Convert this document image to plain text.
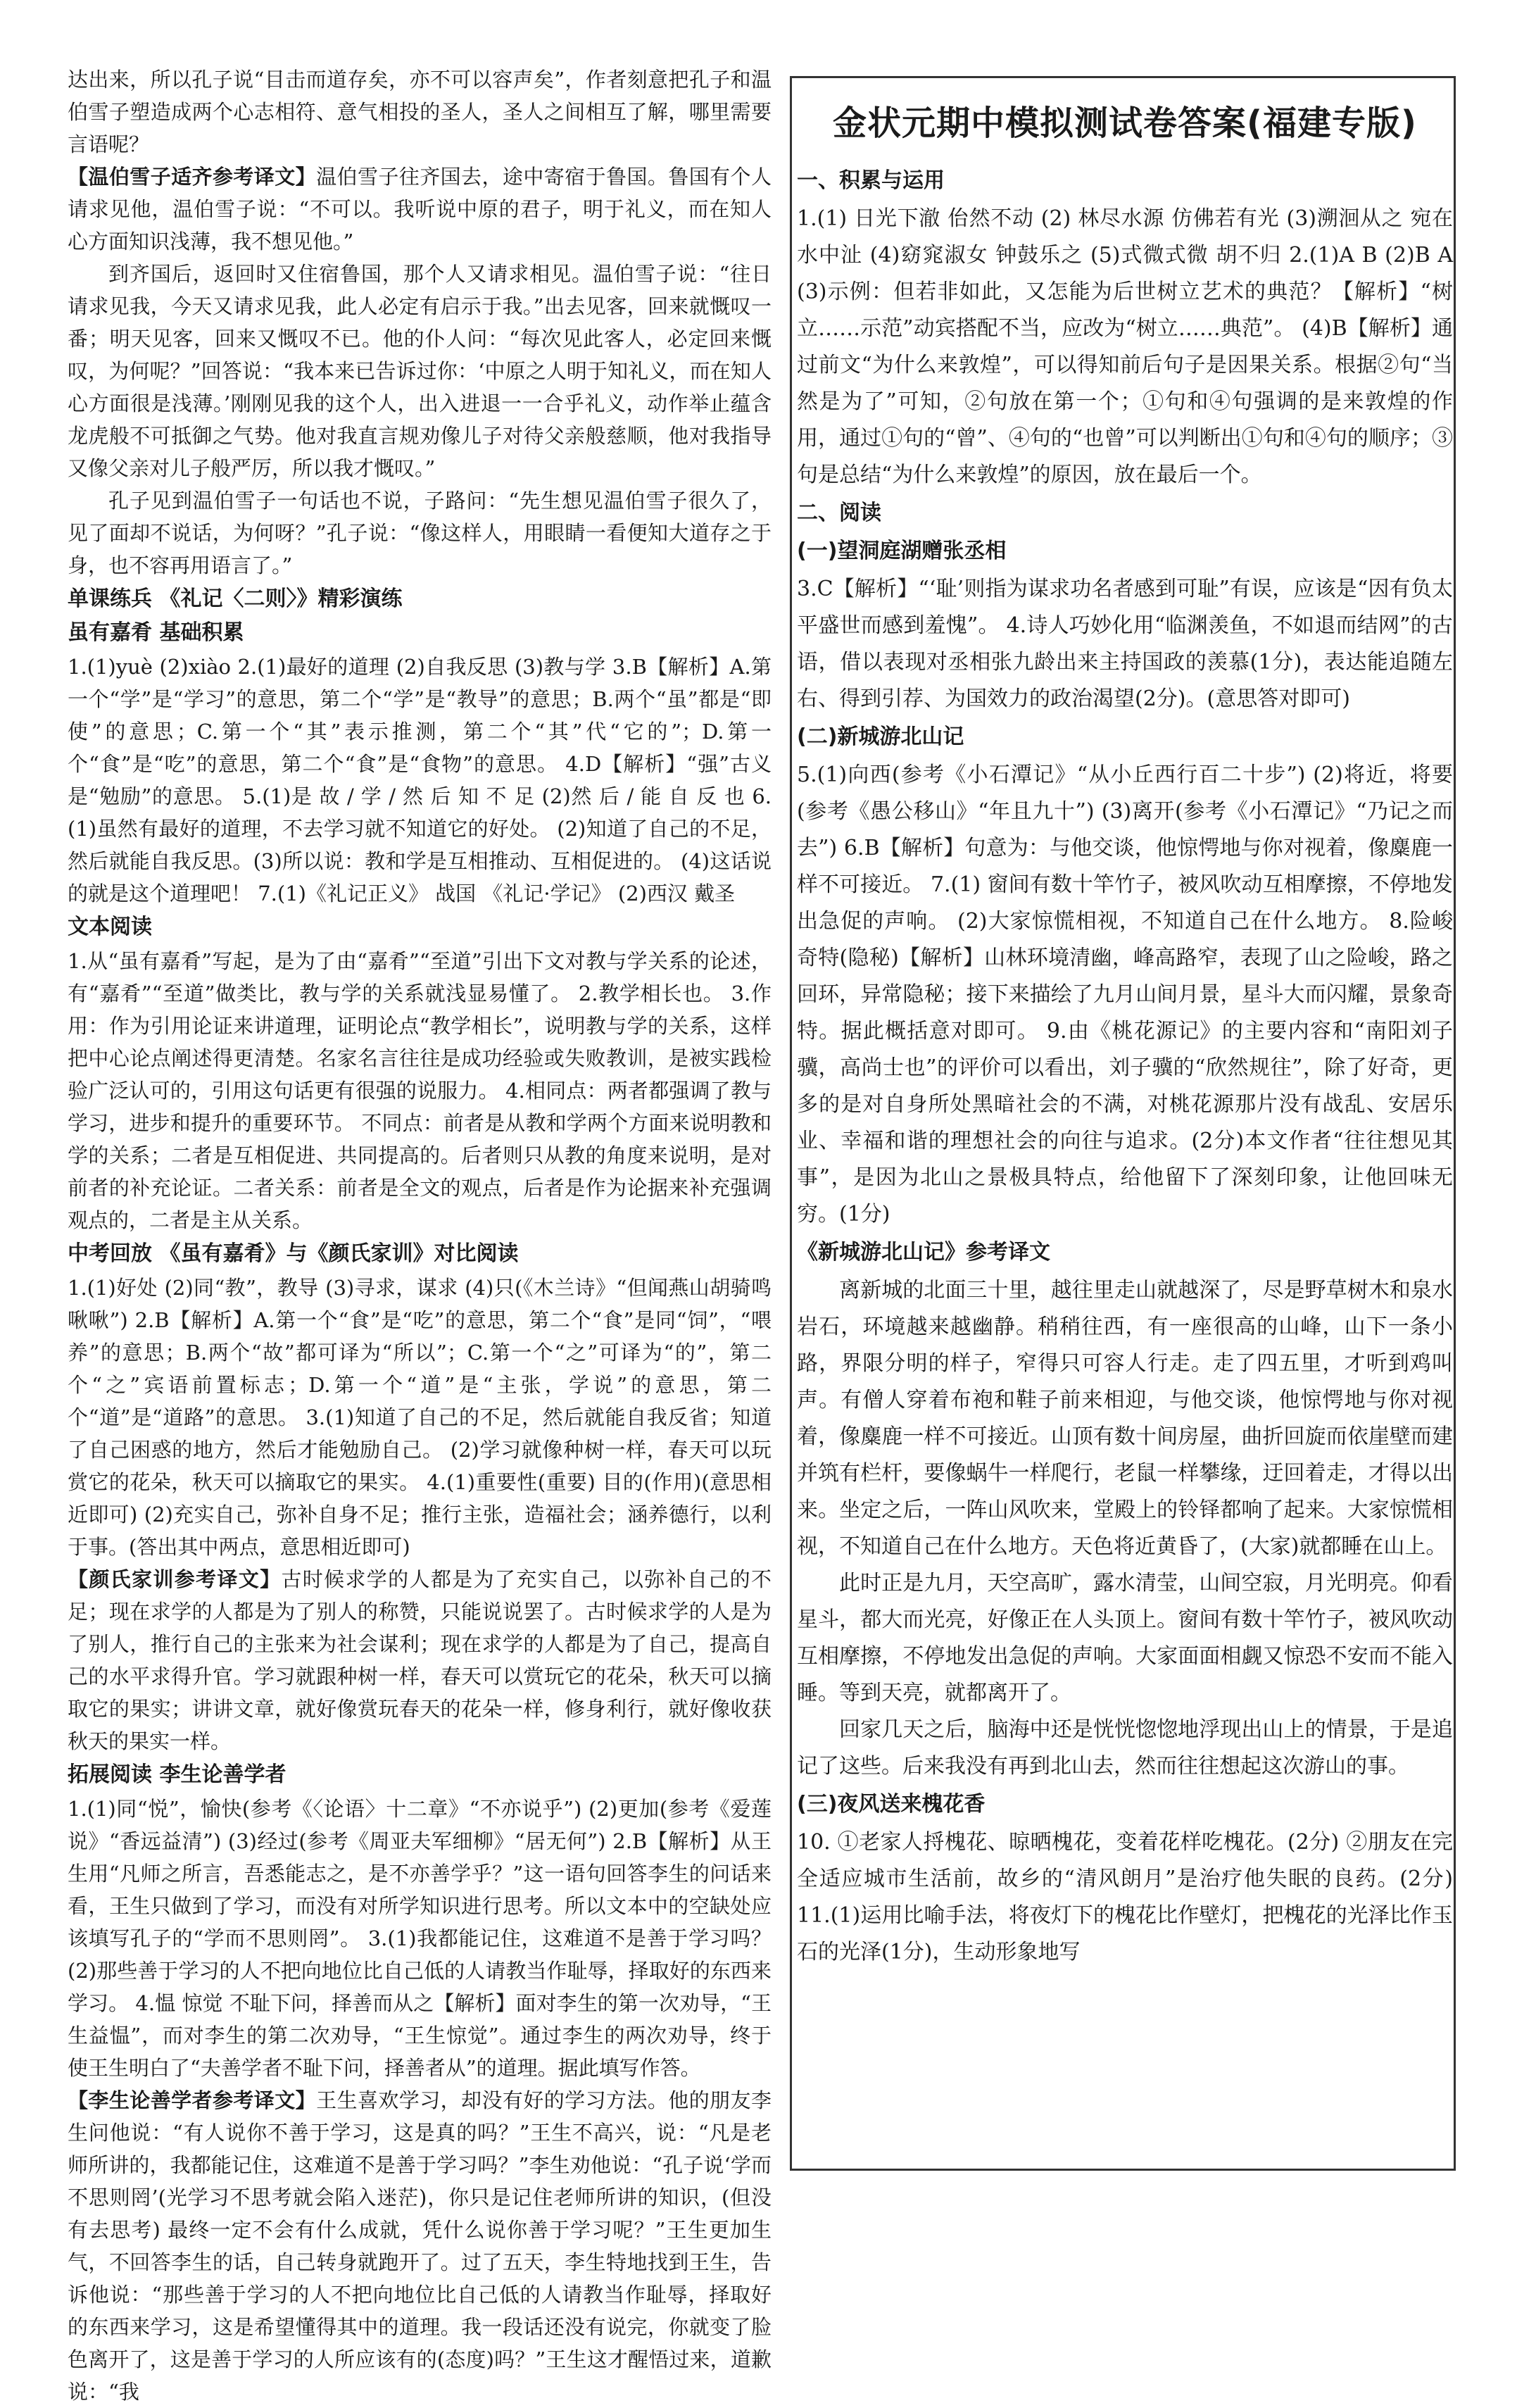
达出来，所以孔子说“目击而道存矣，亦不可以容声矣”，作者刻意把孔子和温伯雪子塑造成两个心志相符、意气相投的圣人，圣人之间相互了解，哪里需要言语呢？

【温伯雪子适齐参考译文】温伯雪子往齐国去，途中寄宿于鲁国。鲁国有个人请求见他，温伯雪子说：“不可以。我听说中原的君子，明于礼义，而在知人心方面知识浅薄，我不想见他。”

到齐国后，返回时又住宿鲁国，那个人又请求相见。温伯雪子说：“往日请求见我，今天又请求见我，此人必定有启示于我。”出去见客，回来就慨叹一番；明天见客，回来又慨叹不已。他的仆人问：“每次见此客人，必定回来慨叹，为何呢？”回答说：“我本来已告诉过你：‘中原之人明于知礼义，而在知人心方面很是浅薄。’刚刚见我的这个人，出入进退一一合乎礼义，动作举止蕴含龙虎般不可抵御之气势。他对我直言规劝像儿子对待父亲般慈顺，他对我指导又像父亲对儿子般严厉，所以我才慨叹。”

孔子见到温伯雪子一句话也不说，子路问：“先生想见温伯雪子很久了，见了面却不说话，为何呀？”孔子说：“像这样人，用眼睛一看便知大道存之于身，也不容再用语言了。”

单课练兵 《礼记〈二则〉》精彩演练
虽有嘉肴 基础积累

1.(1)yuè (2)xiào 2.(1)最好的道理 (2)自我反思 (3)教与学 3.B【解析】A.第一个“学”是“学习”的意思，第二个“学”是“教导”的意思；B.两个“虽”都是“即使”的意思；C.第一个“其”表示推测，第二个“其”代“它的”；D.第一个“食”是“吃”的意思，第二个“食”是“食物”的意思。 4.D【解析】“强”古义是“勉励”的意思。 5.(1)是 故 / 学 / 然 后 知 不 足 (2)然 后 / 能 自 反 也 6.(1)虽然有最好的道理，不去学习就不知道它的好处。 (2)知道了自己的不足，然后就能自我反思。(3)所以说：教和学是互相推动、互相促进的。 (4)这话说的就是这个道理吧！ 7.(1)《礼记正义》 战国 《礼记·学记》 (2)西汉 戴圣

文本阅读

1.从“虽有嘉肴”写起，是为了由“嘉肴”“至道”引出下文对教与学关系的论述，有“嘉肴”“至道”做类比，教与学的关系就浅显易懂了。 2.教学相长也。 3.作用：作为引用论证来讲道理，证明论点“教学相长”，说明教与学的关系，这样把中心论点阐述得更清楚。名家名言往往是成功经验或失败教训，是被实践检验广泛认可的，引用这句话更有很强的说服力。 4.相同点：两者都强调了教与学习，进步和提升的重要环节。 不同点：前者是从教和学两个方面来说明教和学的关系；二者是互相促进、共同提高的。后者则只从教的角度来说明，是对前者的补充论证。二者关系：前者是全文的观点，后者是作为论据来补充强调观点的，二者是主从关系。

中考回放 《虽有嘉肴》与《颜氏家训》对比阅读

1.(1)好处 (2)同“教”，教导 (3)寻求，谋求 (4)只(《木兰诗》“但闻燕山胡骑鸣啾啾”) 2.B【解析】A.第一个“食”是“吃”的意思，第二个“食”是同“饲”，“喂养”的意思；B.两个“故”都可译为“所以”；C.第一个“之”可译为“的”，第二个“之”宾语前置标志；D.第一个“道”是“主张，学说”的意思，第二个“道”是“道路”的意思。 3.(1)知道了自己的不足，然后就能自我反省；知道了自己困惑的地方，然后才能勉励自己。 (2)学习就像种树一样，春天可以玩赏它的花朵，秋天可以摘取它的果实。 4.(1)重要性(重要) 目的(作用)(意思相近即可) (2)充实自己，弥补自身不足；推行主张，造福社会；涵养德行，以利于事。(答出其中两点，意思相近即可)

【颜氏家训参考译文】古时候求学的人都是为了充实自己，以弥补自己的不足；现在求学的人都是为了别人的称赞，只能说说罢了。古时候求学的人是为了别人，推行自己的主张来为社会谋利；现在求学的人都是为了自己，提高自己的水平求得升官。学习就跟种树一样，春天可以赏玩它的花朵，秋天可以摘取它的果实；讲讲文章，就好像赏玩春天的花朵一样，修身利行，就好像收获秋天的果实一样。

拓展阅读 李生论善学者

1.(1)同“悦”，愉快(参考《〈论语〉十二章》“不亦说乎”) (2)更加(参考《爱莲说》“香远益清”) (3)经过(参考《周亚夫军细柳》“居无何”) 2.B【解析】从王生用“凡师之所言，吾悉能志之，是不亦善学乎？”这一语句回答李生的问话来看，王生只做到了学习，而没有对所学知识进行思考。所以文本中的空缺处应该填写孔子的“学而不思则罔”。 3.(1)我都能记住，这难道不是善于学习吗？ (2)那些善于学习的人不把向地位比自己低的人请教当作耻辱，择取好的东西来学习。 4.愠 惊觉 不耻下问，择善而从之【解析】面对李生的第一次劝导，“王生益愠”，而对李生的第二次劝导，“王生惊觉”。通过李生的两次劝导，终于使王生明白了“夫善学者不耻下问，择善者从”的道理。据此填写作答。

【李生论善学者参考译文】王生喜欢学习，却没有好的学习方法。他的朋友李生问他说：“有人说你不善于学习，这是真的吗？”王生不高兴，说：“凡是老师所讲的，我都能记住，这难道不是善于学习吗？”李生劝他说：“孔子说‘学而不思则罔’(光学习不思考就会陷入迷茫)，你只是记住老师所讲的知识，(但没有去思考) 最终一定不会有什么成就，凭什么说你善于学习呢？”王生更加生气，不回答李生的话，自己转身就跑开了。过了五天，李生特地找到王生，告诉他说：“那些善于学习的人不把向地位比自己低的人请教当作耻辱，择取好的东西来学习，这是希望懂得其中的道理。我一段话还没有说完，你就变了脸色离开了，这是善于学习的人所应该有的(态度)吗？”王生这才醒悟过来，道歉说：“我

金状元期中模拟测试卷答案(福建专版)
一、积累与运用

1.(1) 日光下澈 佁然不动 (2) 林尽水源 仿佛若有光 (3)溯洄从之 宛在水中沚 (4)窈窕淑女 钟鼓乐之 (5)式微式微 胡不归 2.(1)A B (2)B A (3)示例：但若非如此，又怎能为后世树立艺术的典范？【解析】“树立……示范”动宾搭配不当，应改为“树立……典范”。 (4)B【解析】通过前文“为什么来敦煌”，可以得知前后句子是因果关系。根据②句“当然是为了”可知，②句放在第一个；①句和④句强调的是来敦煌的作用，通过①句的“曾”、④句的“也曾”可以判断出①句和④句的顺序；③句是总结“为什么来敦煌”的原因，放在最后一个。

二、阅读
(一)望洞庭湖赠张丞相

3.C【解析】“‘耻’则指为谋求功名者感到可耻”有误，应该是“因有负太平盛世而感到羞愧”。 4.诗人巧妙化用“临渊羡鱼，不如退而结网”的古语，借以表现对丞相张九龄出来主持国政的羡慕(1分)，表达能追随左右、得到引荐、为国效力的政治渴望(2分)。(意思答对即可)

(二)新城游北山记

5.(1)向西(参考《小石潭记》“从小丘西行百二十步”) (2)将近，将要(参考《愚公移山》“年且九十”) (3)离开(参考《小石潭记》“乃记之而去”) 6.B【解析】句意为：与他交谈，他惊愕地与你对视着，像麋鹿一样不可接近。 7.(1) 窗间有数十竿竹子，被风吹动互相摩擦，不停地发出急促的声响。 (2)大家惊慌相视，不知道自己在什么地方。 8.险峻 奇特(隐秘)【解析】山林环境清幽，峰高路窄，表现了山之险峻，路之回环，异常隐秘；接下来描绘了九月山间月景，星斗大而闪耀，景象奇特。据此概括意对即可。 9.由《桃花源记》的主要内容和“南阳刘子骥，高尚士也”的评价可以看出，刘子骥的“欣然规往”，除了好奇，更多的是对自身所处黑暗社会的不满，对桃花源那片没有战乱、安居乐业、幸福和谐的理想社会的向往与追求。(2分)本文作者“往往想见其事”，是因为北山之景极具特点，给他留下了深刻印象，让他回味无穷。(1分)

《新城游北山记》参考译文

离新城的北面三十里，越往里走山就越深了，尽是野草树木和泉水岩石，环境越来越幽静。稍稍往西，有一座很高的山峰，山下一条小路，界限分明的样子，窄得只可容人行走。走了四五里，才听到鸡叫声。有僧人穿着布袍和鞋子前来相迎，与他交谈，他惊愕地与你对视着，像麋鹿一样不可接近。山顶有数十间房屋，曲折回旋而依崖壁而建并筑有栏杆，要像蜗牛一样爬行，老鼠一样攀缘，迂回着走，才得以出来。坐定之后，一阵山风吹来，堂殿上的铃铎都响了起来。大家惊慌相视，不知道自己在什么地方。天色将近黄昏了，(大家)就都睡在山上。

此时正是九月，天空高旷，露水清莹，山间空寂，月光明亮。仰看星斗，都大而光亮，好像正在人头顶上。窗间有数十竿竹子，被风吹动互相摩擦，不停地发出急促的声响。大家面面相觑又惊恐不安而不能入睡。等到天亮，就都离开了。

回家几天之后，脑海中还是恍恍惚惚地浮现出山上的情景，于是追记了这些。后来我没有再到北山去，然而往往想起这次游山的事。

(三)夜风送来槐花香

10. ①老家人捋槐花、晾晒槐花，变着花样吃槐花。(2分) ②朋友在完全适应城市生活前，故乡的“清风朗月”是治疗他失眠的良药。(2分) 11.(1)运用比喻手法，将夜灯下的槐花比作壁灯，把槐花的光泽比作玉石的光泽(1分)，生动形象地写
